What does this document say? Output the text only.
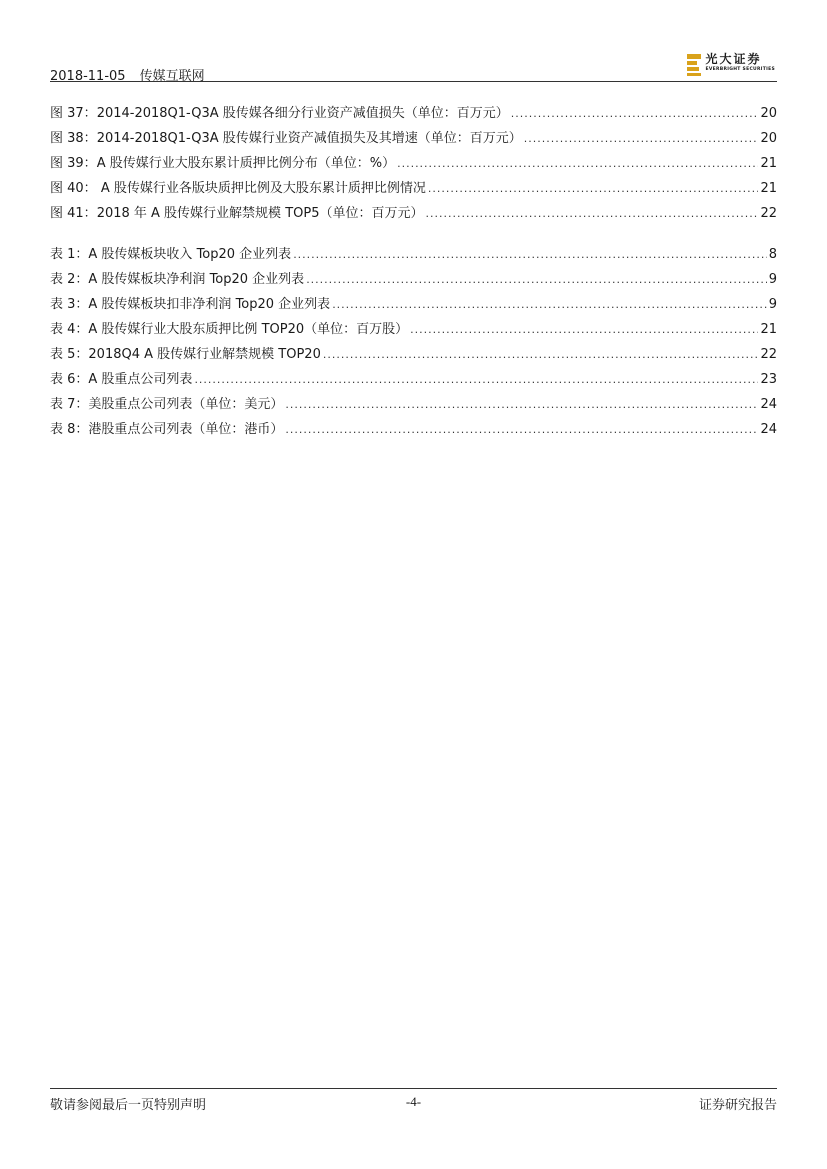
2018-11-05 传媒互联网
光大证券
EVERBRIGHT SECURITIES
图 37：2014-2018Q1-Q3A 股传媒各细分行业资产减值损失（单位：百万元） .....	20
图 38：2014-2018Q1-Q3A 股传媒行业资产减值损失及其增速（单位：百万元） .....	20
图 39：A 股传媒行业大股东累计质押比例分布（单位：%） .....	21
图 40： A 股传媒行业各版块质押比例及大股东累计质押比例情况 .....	21
图 41：2018 年 A 股传媒行业解禁规模 TOP5（单位：百万元） .....	22
表 1：A 股传媒板块收入 Top20 企业列表 .....	8
表 2：A 股传媒板块净利润 Top20 企业列表 .....	9
表 3：A 股传媒板块扣非净利润 Top20 企业列表 .....	9
表 4：A 股传媒行业大股东质押比例 TOP20（单位：百万股） .....	21
表 5：2018Q4 A 股传媒行业解禁规模 TOP20 .....	22
表 6：A 股重点公司列表 .....	23
表 7：美股重点公司列表（单位：美元） .....	24
表 8：港股重点公司列表（单位：港币） .....	24
敬请参阅最后一页特别声明	-4-	证券研究报告
